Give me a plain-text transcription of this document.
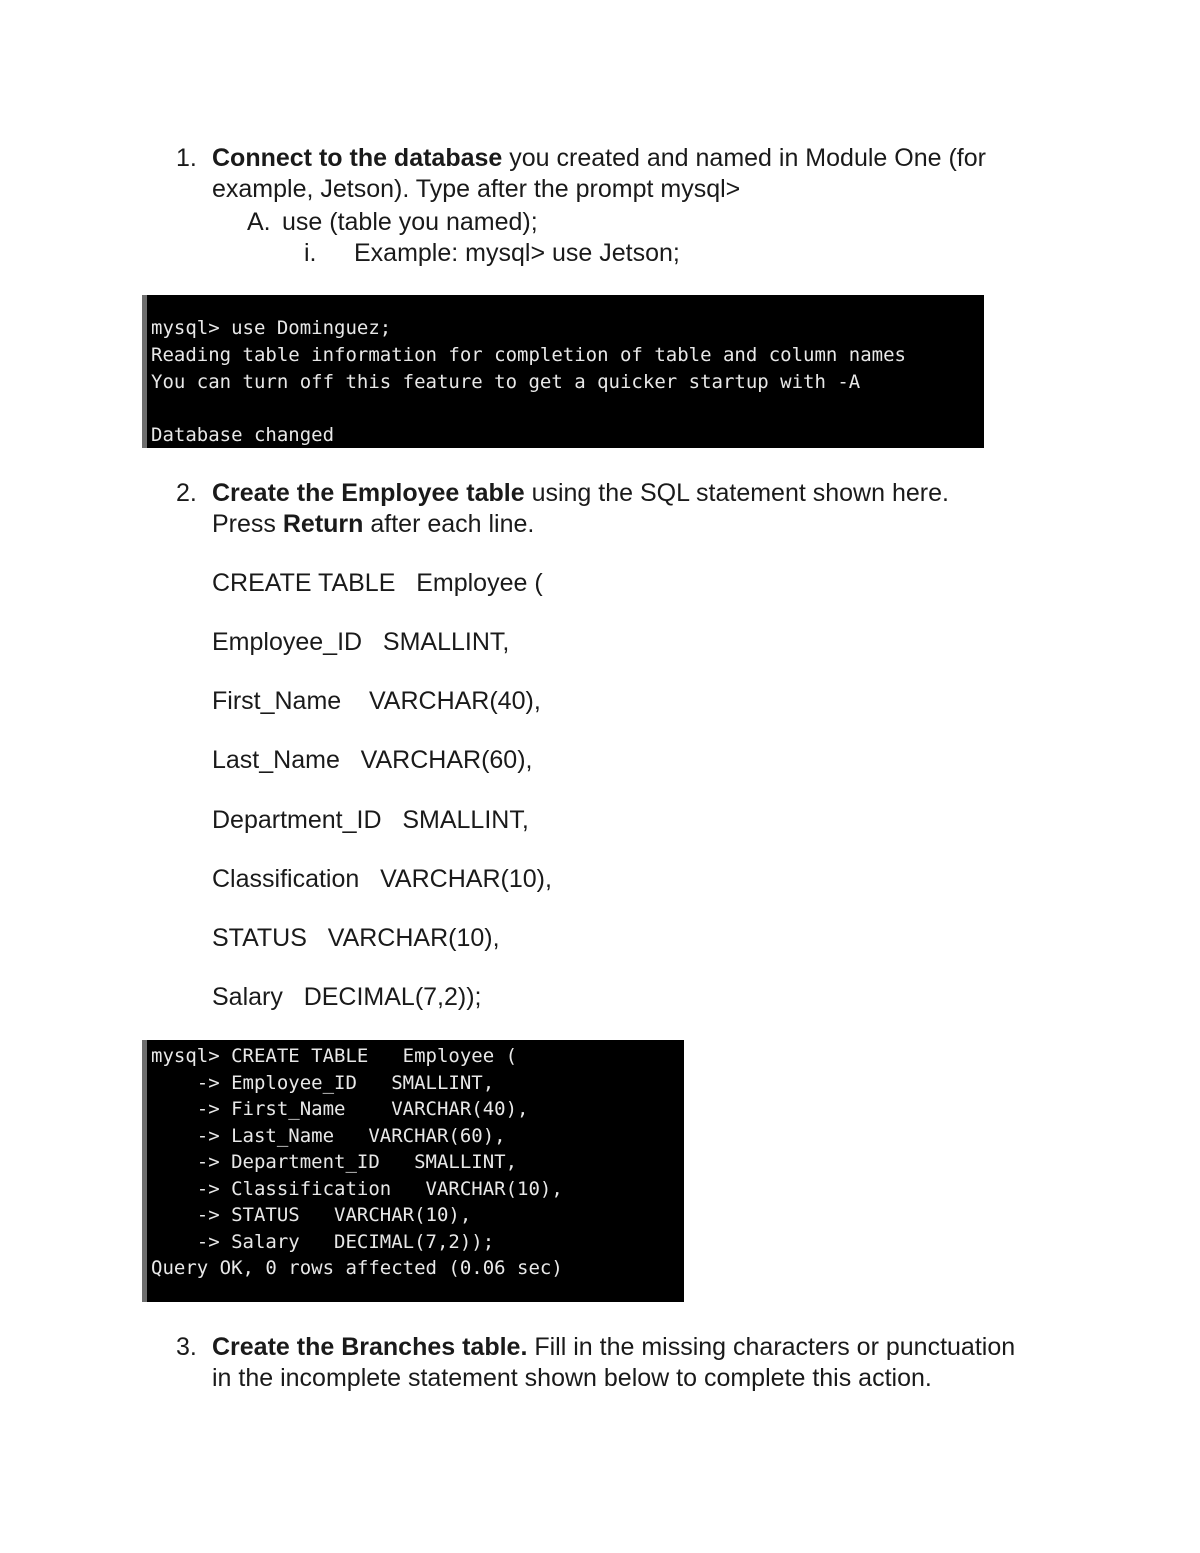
1. Connect to the database you created and named in Module One (for
example, Jetson). Type after the prompt mysql>
A. use (table you named);
i. Example: mysql> use Jetson;
mysql> use Dominguez;
Reading table information for completion of table and column names
You can turn off this feature to get a quicker startup with -A
Database changed
2. Create the Employee table using the SQL statement shown here.
Press Return after each line.
CREATE TABLE   Employee (
Employee_ID   SMALLINT,
First_Name    VARCHAR(40),
Last_Name   VARCHAR(60),
Department_ID   SMALLINT,
Classification   VARCHAR(10),
STATUS   VARCHAR(10),
Salary   DECIMAL(7,2));
mysql> CREATE TABLE   Employee (
-> Employee_ID   SMALLINT,
-> First_Name    VARCHAR(40),
-> Last_Name   VARCHAR(60),
-> Department_ID   SMALLINT,
-> Classification   VARCHAR(10),
-> STATUS   VARCHAR(10),
-> Salary   DECIMAL(7,2));
Query OK, 0 rows affected (0.06 sec)
3. Create the Branches table. Fill in the missing characters or punctuation
in the incomplete statement shown below to complete this action.
